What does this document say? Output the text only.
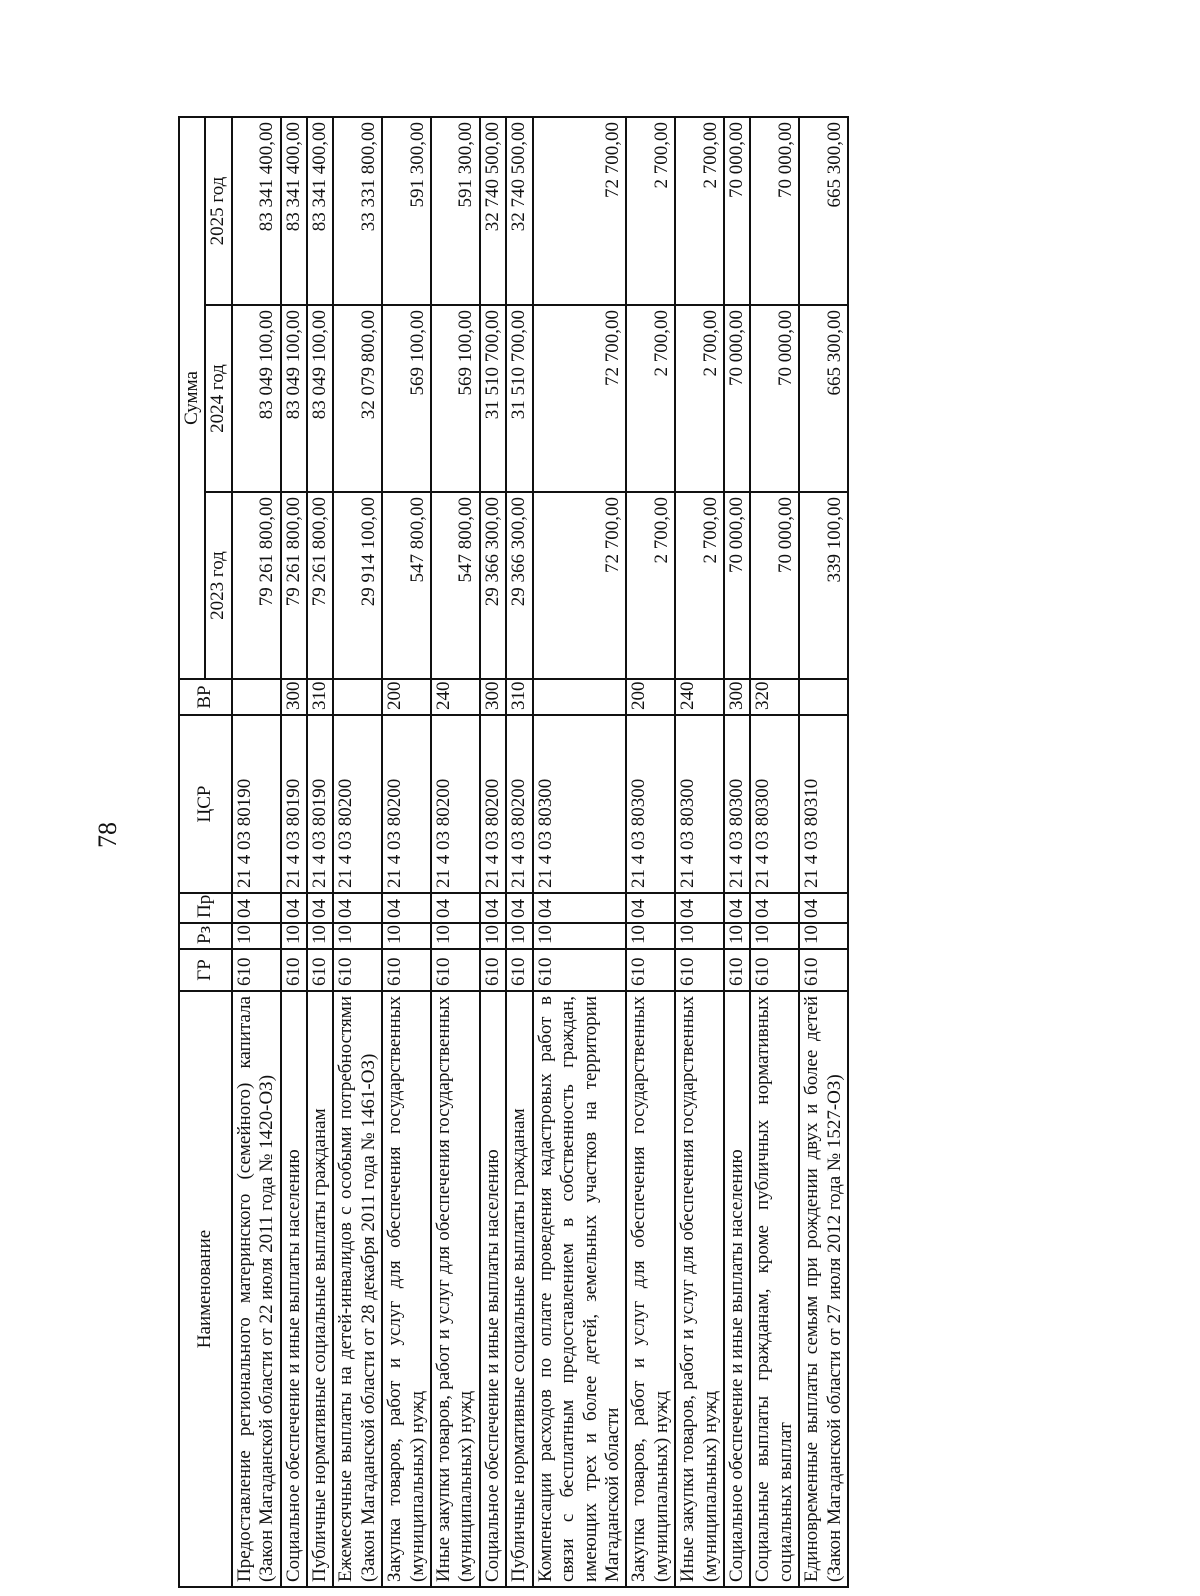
78
Наименование	ГР	Рз	Пр	ЦСР	ВР	Сумма		
						2023 год	2024 год	2025 год
Предоставление регионального материнского (семейного) капитала (Закон Магаданской области от 22 июля 2011 года № 1420-ОЗ)	610	10	04	21 4 03 80190		79 261 800,00	83 049 100,00	83 341 400,00
Социальное обеспечение и иные выплаты населению	610	10	04	21 4 03 80190	300	79 261 800,00	83 049 100,00	83 341 400,00
Публичные нормативные социальные выплаты гражданам	610	10	04	21 4 03 80190	310	79 261 800,00	83 049 100,00	83 341 400,00
Ежемесячные выплаты на детей-инвалидов с особыми потребностями (Закон Магаданской области от 28 декабря 2011 года № 1461-ОЗ)	610	10	04	21 4 03 80200		29 914 100,00	32 079 800,00	33 331 800,00
Закупка товаров, работ и услуг для обеспечения государственных (муниципальных) нужд	610	10	04	21 4 03 80200	200	547 800,00	569 100,00	591 300,00
Иные закупки товаров, работ и услуг для обеспечения государственных (муниципальных) нужд	610	10	04	21 4 03 80200	240	547 800,00	569 100,00	591 300,00
Социальное обеспечение и иные выплаты населению	610	10	04	21 4 03 80200	300	29 366 300,00	31 510 700,00	32 740 500,00
Публичные нормативные социальные выплаты гражданам	610	10	04	21 4 03 80200	310	29 366 300,00	31 510 700,00	32 740 500,00
Компенсации расходов по оплате проведения кадастровых работ в связи с бесплатным предоставлением в собственность граждан, имеющих трех и более детей, земельных участков на территории Магаданской области	610	10	04	21 4 03 80300		72 700,00	72 700,00	72 700,00
Закупка товаров, работ и услуг для обеспечения государственных (муниципальных) нужд	610	10	04	21 4 03 80300	200	2 700,00	2 700,00	2 700,00
Иные закупки товаров, работ и услуг для обеспечения государственных (муниципальных) нужд	610	10	04	21 4 03 80300	240	2 700,00	2 700,00	2 700,00
Социальное обеспечение и иные выплаты населению	610	10	04	21 4 03 80300	300	70 000,00	70 000,00	70 000,00
Социальные выплаты гражданам, кроме публичных нормативных социальных выплат	610	10	04	21 4 03 80300	320	70 000,00	70 000,00	70 000,00
Единовременные выплаты семьям при рождении двух и более детей (Закон Магаданской области от 27 июля 2012 года № 1527-ОЗ)	610	10	04	21 4 03 80310		339 100,00	665 300,00	665 300,00
